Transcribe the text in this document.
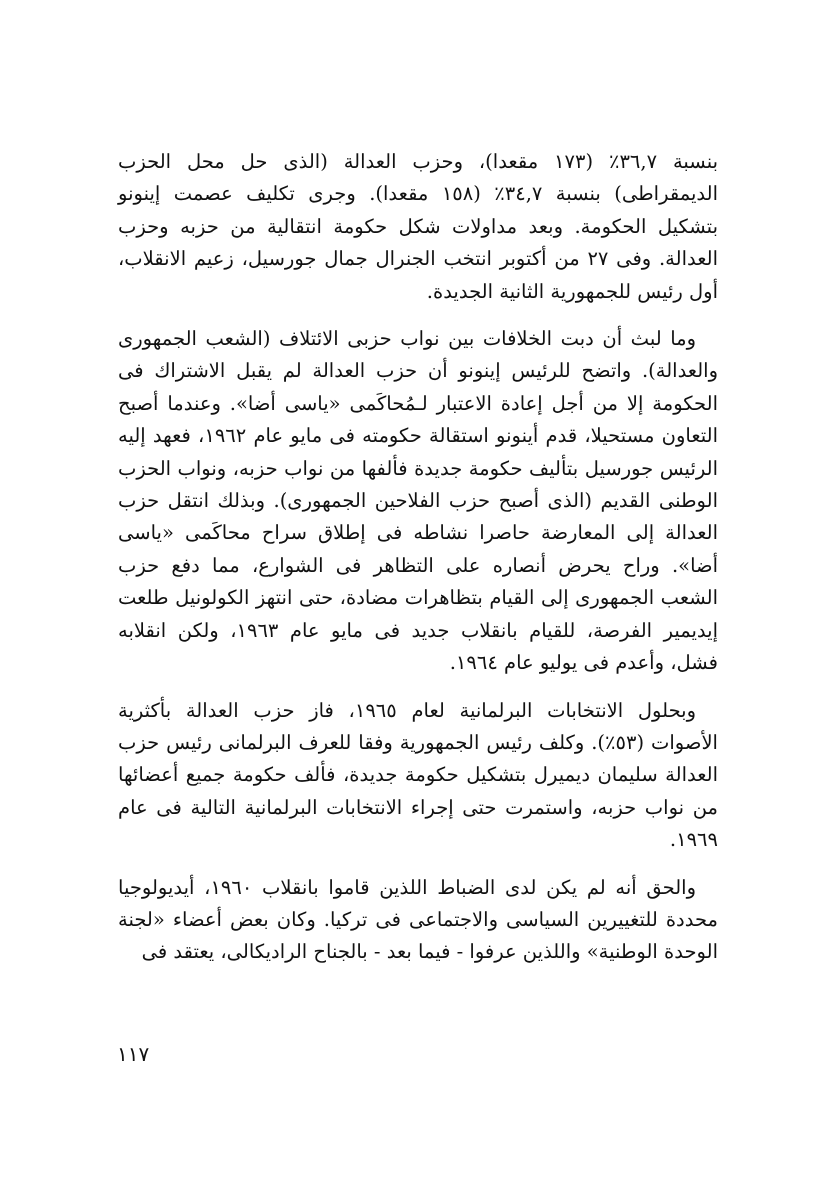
بنسبة ٣٦,٧٪ (١٧٣ مقعدا)، وحزب العدالة (الذى حل محل الحزب الديمقراطى) بنسبة ٣٤,٧٪ (١٥٨ مقعدا). وجرى تكليف عصمت إينونو بتشكيل الحكومة. وبعد مداولات شكل حكومة انتقالية من حزبه وحزب العدالة. وفى ٢٧ من أكتوبر انتخب الجنرال جمال جورسيل، زعيم الانقلاب، أول رئيس للجمهورية الثانية الجديدة.

وما لبث أن دبت الخلافات بين نواب حزبى الائتلاف (الشعب الجمهورى والعدالة). واتضح للرئيس إينونو أن حزب العدالة لم يقبل الاشتراك فى الحكومة إلا من أجل إعادة الاعتبار لـمُحاكَمى «ياسى أضا». وعندما أصبح التعاون مستحيلا، قدم أينونو استقالة حكومته فى مايو عام ١٩٦٢، فعهد إليه الرئيس جورسيل بتأليف حكومة جديدة فألفها من نواب حزبه، ونواب الحزب الوطنى القديم (الذى أصبح حزب الفلاحين الجمهورى). وبذلك انتقل حزب العدالة إلى المعارضة حاصرا نشاطه فى إطلاق سراح محاكَمى «ياسى أضا». وراح يحرض أنصاره على التظاهر فى الشوارع، مما دفع حزب الشعب الجمهورى إلى القيام بتظاهرات مضادة، حتى انتهز الكولونيل طلعت إيديمير الفرصة، للقيام بانقلاب جديد فى مايو عام ١٩٦٣، ولكن انقلابه فشل، وأعدم فى يوليو عام ١٩٦٤.

وبحلول الانتخابات البرلمانية لعام ١٩٦٥، فاز حزب العدالة بأكثرية الأصوات (٥٣٪). وكلف رئيس الجمهورية وفقا للعرف البرلمانى رئيس حزب العدالة سليمان ديميرل بتشكيل حكومة جديدة، فألف حكومة جميع أعضائها من نواب حزبه، واستمرت حتى إجراء الانتخابات البرلمانية التالية فى عام ١٩٦٩.

والحق أنه لم يكن لدى الضباط اللذين قاموا بانقلاب ١٩٦٠، أيديولوجيا محددة للتغييرين السياسى والاجتماعى فى تركيا. وكان بعض أعضاء «لجنة الوحدة الوطنية» واللذين عرفوا - فيما بعد - بالجناح الراديكالى، يعتقد فى

١١٧
